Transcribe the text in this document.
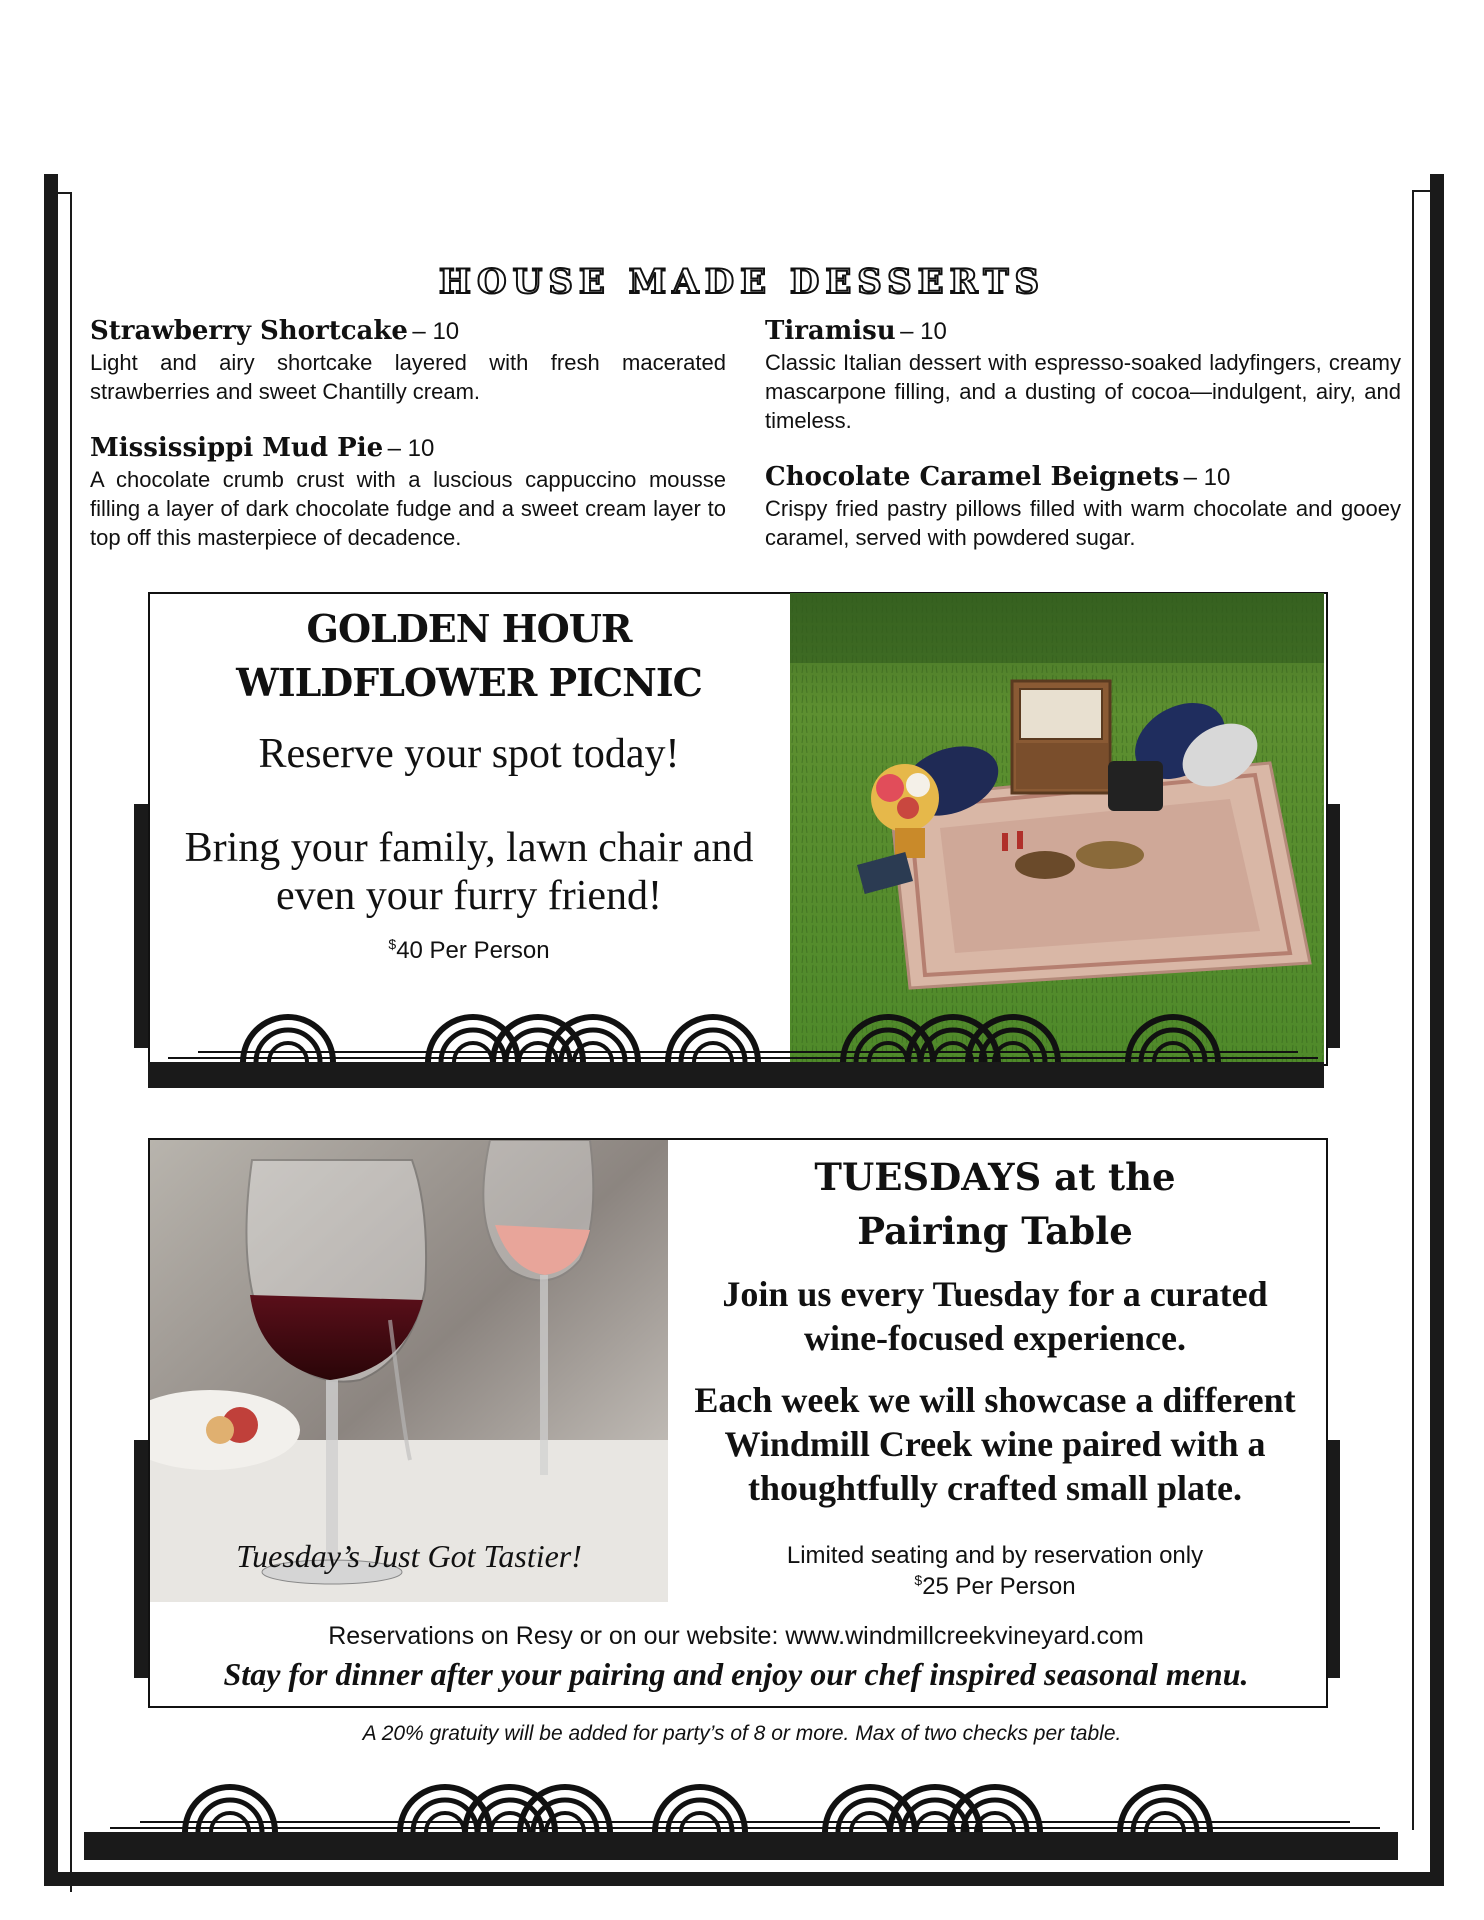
HOUSE MADE DESSERTS
Strawberry Shortcake – 10
Light and airy shortcake layered with fresh macerated strawberries and sweet Chantilly cream.
Mississippi Mud Pie – 10
A chocolate crumb crust with a luscious cappuccino mousse filling a layer of dark chocolate fudge and a sweet cream layer to top off this masterpiece of decadence.
Tiramisu – 10
Classic Italian dessert with espresso-soaked ladyfingers, creamy mascarpone filling, and a dusting of cocoa—indulgent, airy, and timeless.
Chocolate Caramel Beignets – 10
Crispy fried pastry pillows filled with warm chocolate and gooey caramel, served with powdered sugar.
GOLDEN HOUR
WILDFLOWER PICNIC
Reserve your spot today!
Bring your family, lawn chair and
even your furry friend!
$40 Per Person
Tuesday’s Just Got Tastier!
TUESDAYS at the
Pairing Table
Join us every Tuesday for a curated
wine-focused experience.
Each week we will showcase a different
Windmill Creek wine paired with a
thoughtfully crafted small plate.
Limited seating and by reservation only
$25 Per Person
Reservations on Resy or on our website: www.windmillcreekvineyard.com
Stay for dinner after your pairing and enjoy our chef inspired seasonal menu.
A 20% gratuity will be added for party’s of 8 or more. Max of two checks per table.
